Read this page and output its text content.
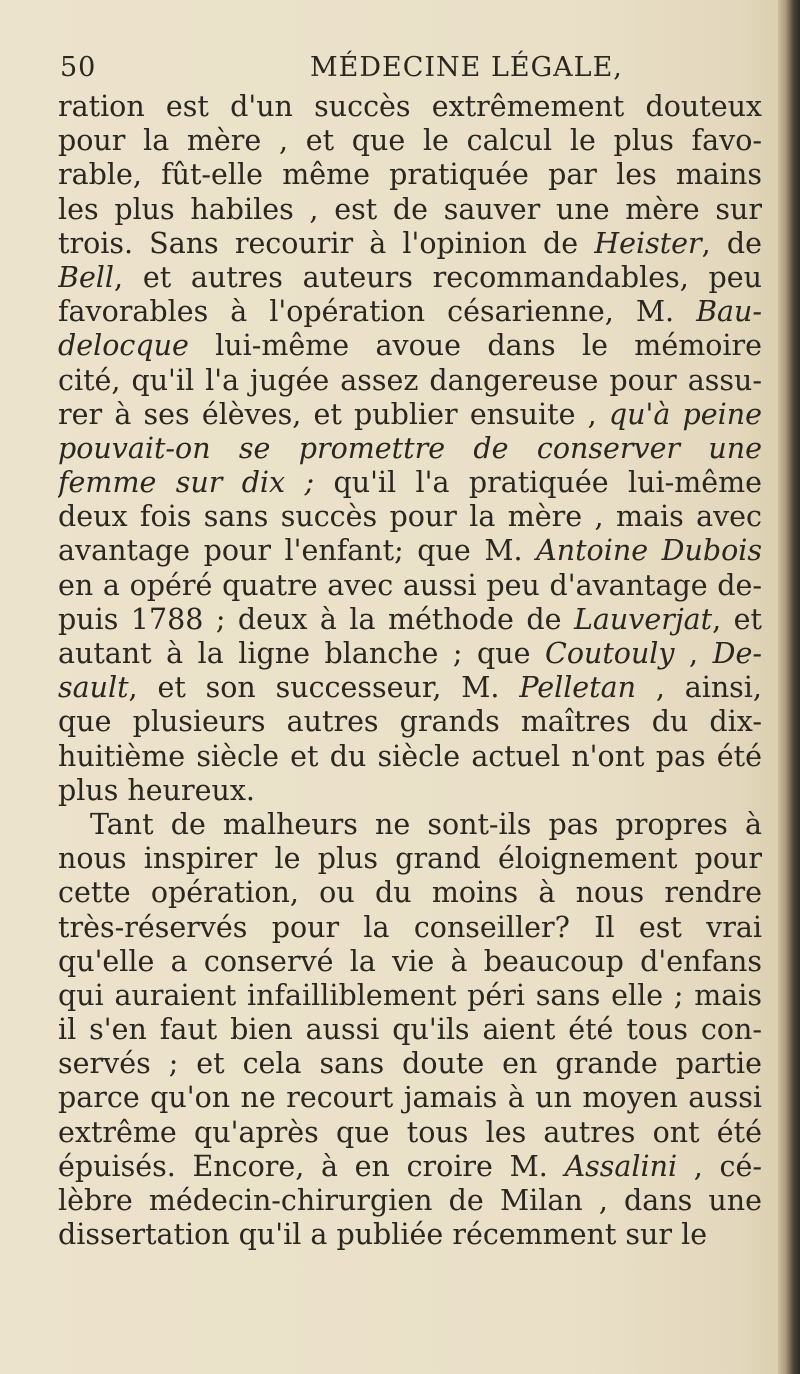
50	MÉDECINE LÉGALE,
ration est d'un succès extrêmement douteux
pour la mère , et que le calcul le plus favo-
rable, fût-elle même pratiquée par les mains
les plus habiles , est de sauver une mère sur
trois. Sans recourir à l'opinion de Heister, de
Bell, et autres auteurs recommandables, peu
favorables à l'opération césarienne, M. Bau-
delocque lui-même avoue dans le mémoire
cité, qu'il l'a jugée assez dangereuse pour assu-
rer à ses élèves, et publier ensuite , qu'à peine
pouvait-on se promettre de conserver une
femme sur dix ; qu'il l'a pratiquée lui-même
deux fois sans succès pour la mère , mais avec
avantage pour l'enfant; que M. Antoine Dubois
en a opéré quatre avec aussi peu d'avantage de-
puis 1788 ; deux à la méthode de Lauverjat, et
autant à la ligne blanche ; que Coutouly , De-
sault, et son successeur, M. Pelletan , ainsi,
que plusieurs autres grands maîtres du dix-
huitième siècle et du siècle actuel n'ont pas été
plus heureux.
Tant de malheurs ne sont-ils pas propres à
nous inspirer le plus grand éloignement pour
cette opération, ou du moins à nous rendre
très-réservés pour la conseiller? Il est vrai
qu'elle a conservé la vie à beaucoup d'enfans
qui auraient infailliblement péri sans elle ; mais
il s'en faut bien aussi qu'ils aient été tous con-
servés ; et cela sans doute en grande partie
parce qu'on ne recourt jamais à un moyen aussi
extrême qu'après que tous les autres ont été
épuisés. Encore, à en croire M. Assalini , cé-
lèbre médecin-chirurgien de Milan , dans une
dissertation qu'il a publiée récemment sur le
